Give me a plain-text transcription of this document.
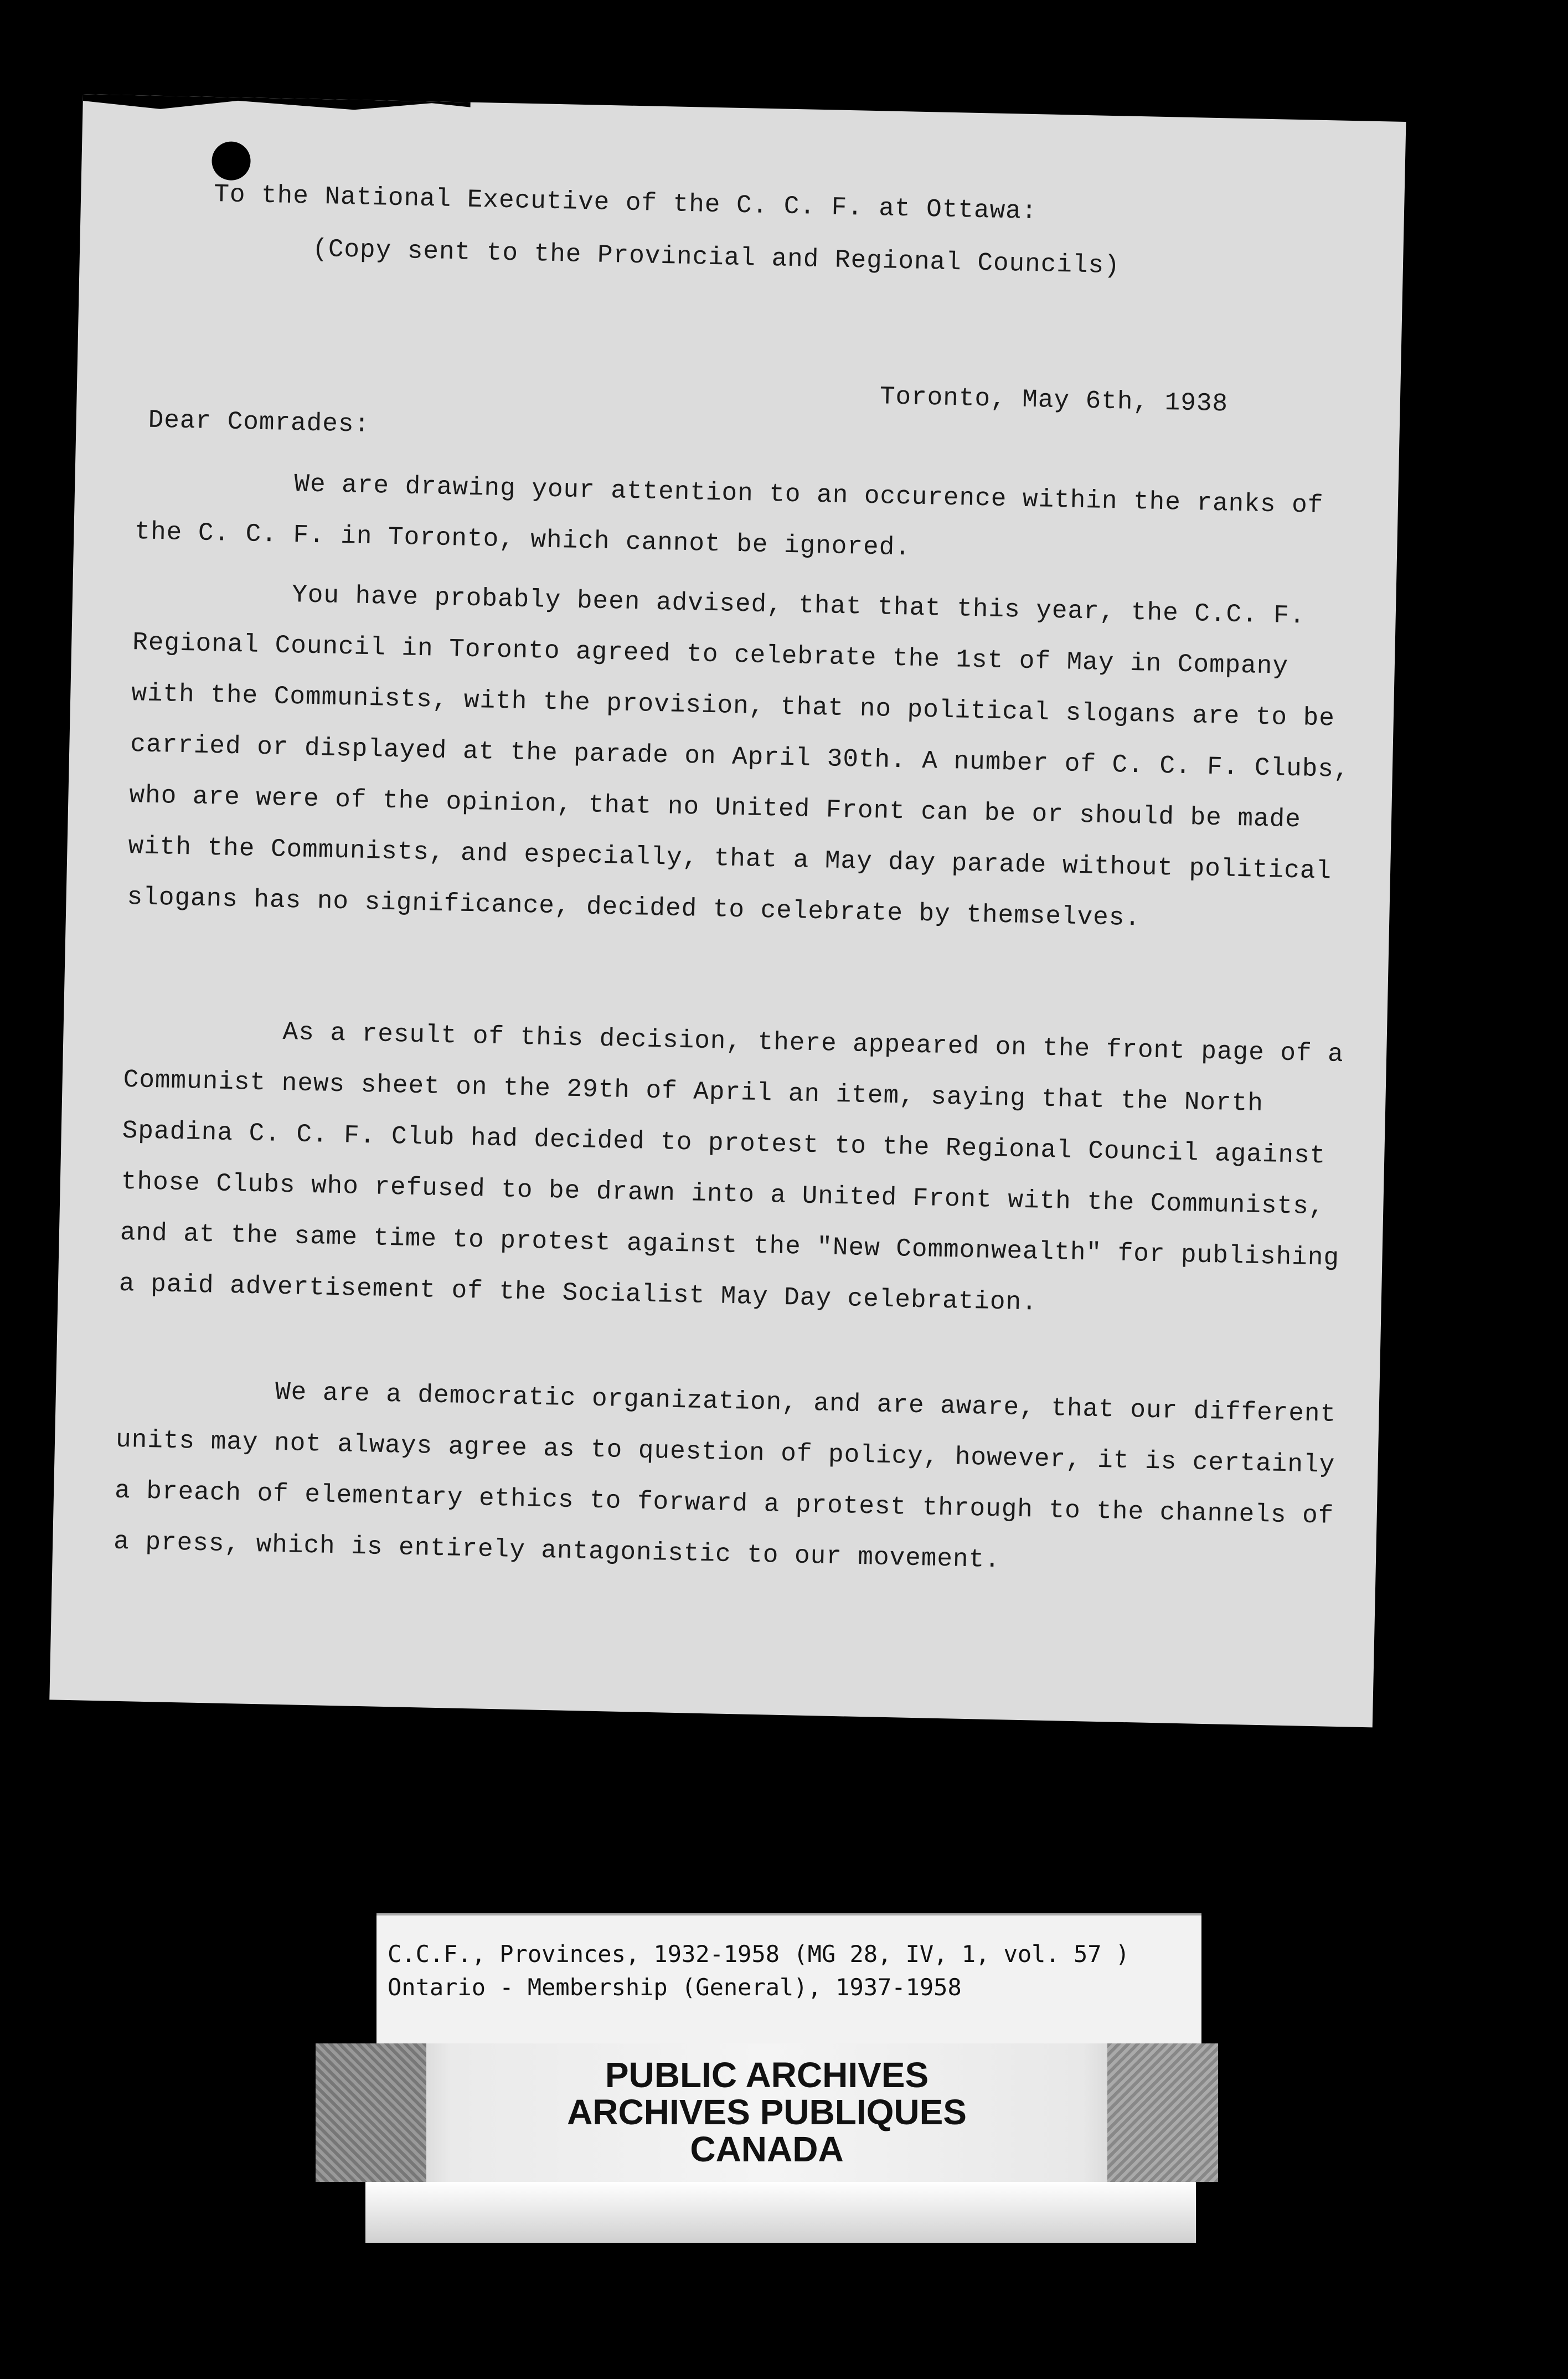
To the National Executive of the C. C. F. at Ottawa:
(Copy sent to the Provincial and Regional Councils)
Toronto, May 6th, 1938
Dear Comrades:
We are drawing your attention to an occurence within the ranks of the C. C. F. in Toronto, which cannot be ignored.
You have probably been advised, that that this year, the C.C. F. Regional Council in Toronto agreed to celebrate the 1st of May in Company with the Communists, with the provision, that no political slogans are to be carried or displayed at the parade on April 30th. A number of C. C. F. Clubs, who are were of the opinion, that no United Front can be or should be made with the Communists, and especially, that a May day parade without political slogans has no significance, decided to celebrate by themselves.
As a result of this decision, there appeared on the front page of a Communist news sheet on the 29th of April an item, saying that the North Spadina C. C. F. Club had decided to protest to the Regional Council against those Clubs who refused to be drawn into a United Front with the Communists, and at the same time to protest against the "New Commonwealth" for publishing a paid advertisement of the Socialist May Day celebration.
We are a democratic organization, and are aware, that our different units may not always agree as to question of policy, however, it is certainly a breach of elementary ethics to forward a protest through to the channels of a press, which is entirely antagonistic to our movement.
C.C.F., Provinces, 1932-1958 (MG 28, IV, 1, vol. 57 )
Ontario - Membership (General), 1937-1958
PUBLIC ARCHIVES
ARCHIVES PUBLIQUES
CANADA
